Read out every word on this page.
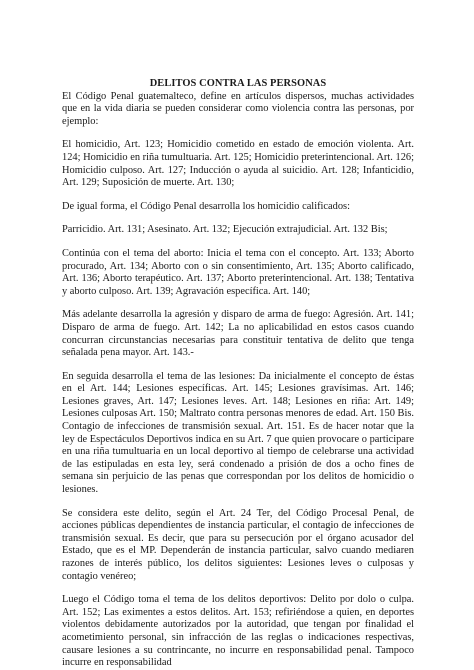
DELITOS CONTRA LAS PERSONAS

El Código Penal guatemalteco, define en artículos dispersos, muchas actividades que en la vida diaria se pueden considerar como violencia contra las personas, por ejemplo:

El homicidio, Art. 123; Homicidio cometido en estado de emoción violenta. Art. 124; Homicidio en riña tumultuaria. Art. 125; Homicidio preterintencional. Art. 126; Homicidio culposo. Art. 127; Inducción o ayuda al suicidio. Art. 128; Infanticidio, Art. 129; Suposición de muerte. Art. 130;

De igual forma, el Código Penal desarrolla los homicidio calificados:

Parricidio. Art. 131; Asesinato. Art. 132; Ejecución extrajudicial. Art. 132 Bis;

Continúa con el tema del aborto: Inicia el tema con el concepto. Art. 133; Aborto procurado, Art. 134; Aborto con o sin consentimiento, Art. 135; Aborto calificado, Art. 136; Aborto terapéutico. Art. 137; Aborto preterintencional. Art. 138; Tentativa y aborto culposo. Art. 139; Agravación específica. Art. 140;

Más adelante desarrolla la agresión y disparo de arma de fuego: Agresión. Art. 141; Disparo de arma de fuego. Art. 142; La no aplicabilidad en estos casos cuando concurran circunstancias necesarias para constituir tentativa de delito que tenga señalada pena mayor. Art. 143.-

En seguida desarrolla el tema de las lesiones: Da inicialmente el concepto de éstas en el Art. 144; Lesiones específicas. Art. 145; Lesiones gravísimas. Art. 146; Lesiones graves, Art. 147; Lesiones leves. Art. 148; Lesiones en riña: Art. 149; Lesiones culposas Art. 150; Maltrato contra personas menores de edad. Art. 150 Bis. Contagio de infecciones de transmisión sexual. Art. 151. Es de hacer notar que la ley de Espectáculos Deportivos indica en su Art. 7 que quien provocare o participare en una riña tumultuaria en un local deportivo al tiempo de celebrarse una actividad de las estipuladas en esta ley, será condenado a prisión de dos a ocho fines de semana sin perjuicio de las penas que correspondan por los delitos de homicidio o lesiones.

Se considera este delito, según el Art. 24 Ter, del Código Procesal Penal, de acciones públicas dependientes de instancia particular, el contagio de infecciones de transmisión sexual. Es decir, que para su persecución por el órgano acusador del Estado, que es el MP. Dependerán de instancia particular, salvo cuando mediaren razones de interés público, los delitos siguientes: Lesiones leves o culposas y contagio venéreo;

Luego el Código toma el tema de los delitos deportivos: Delito por dolo o culpa. Art. 152; Las eximentes a estos delitos. Art. 153; refiriéndose a quien, en deportes violentos debidamente autorizados por la autoridad, que tengan por finalidad el acometimiento personal, sin infracción de las reglas o indicaciones respectivas, causare lesiones a su contrincante, no incurre en responsabilidad penal. Tampoco incurre en responsabilidad
